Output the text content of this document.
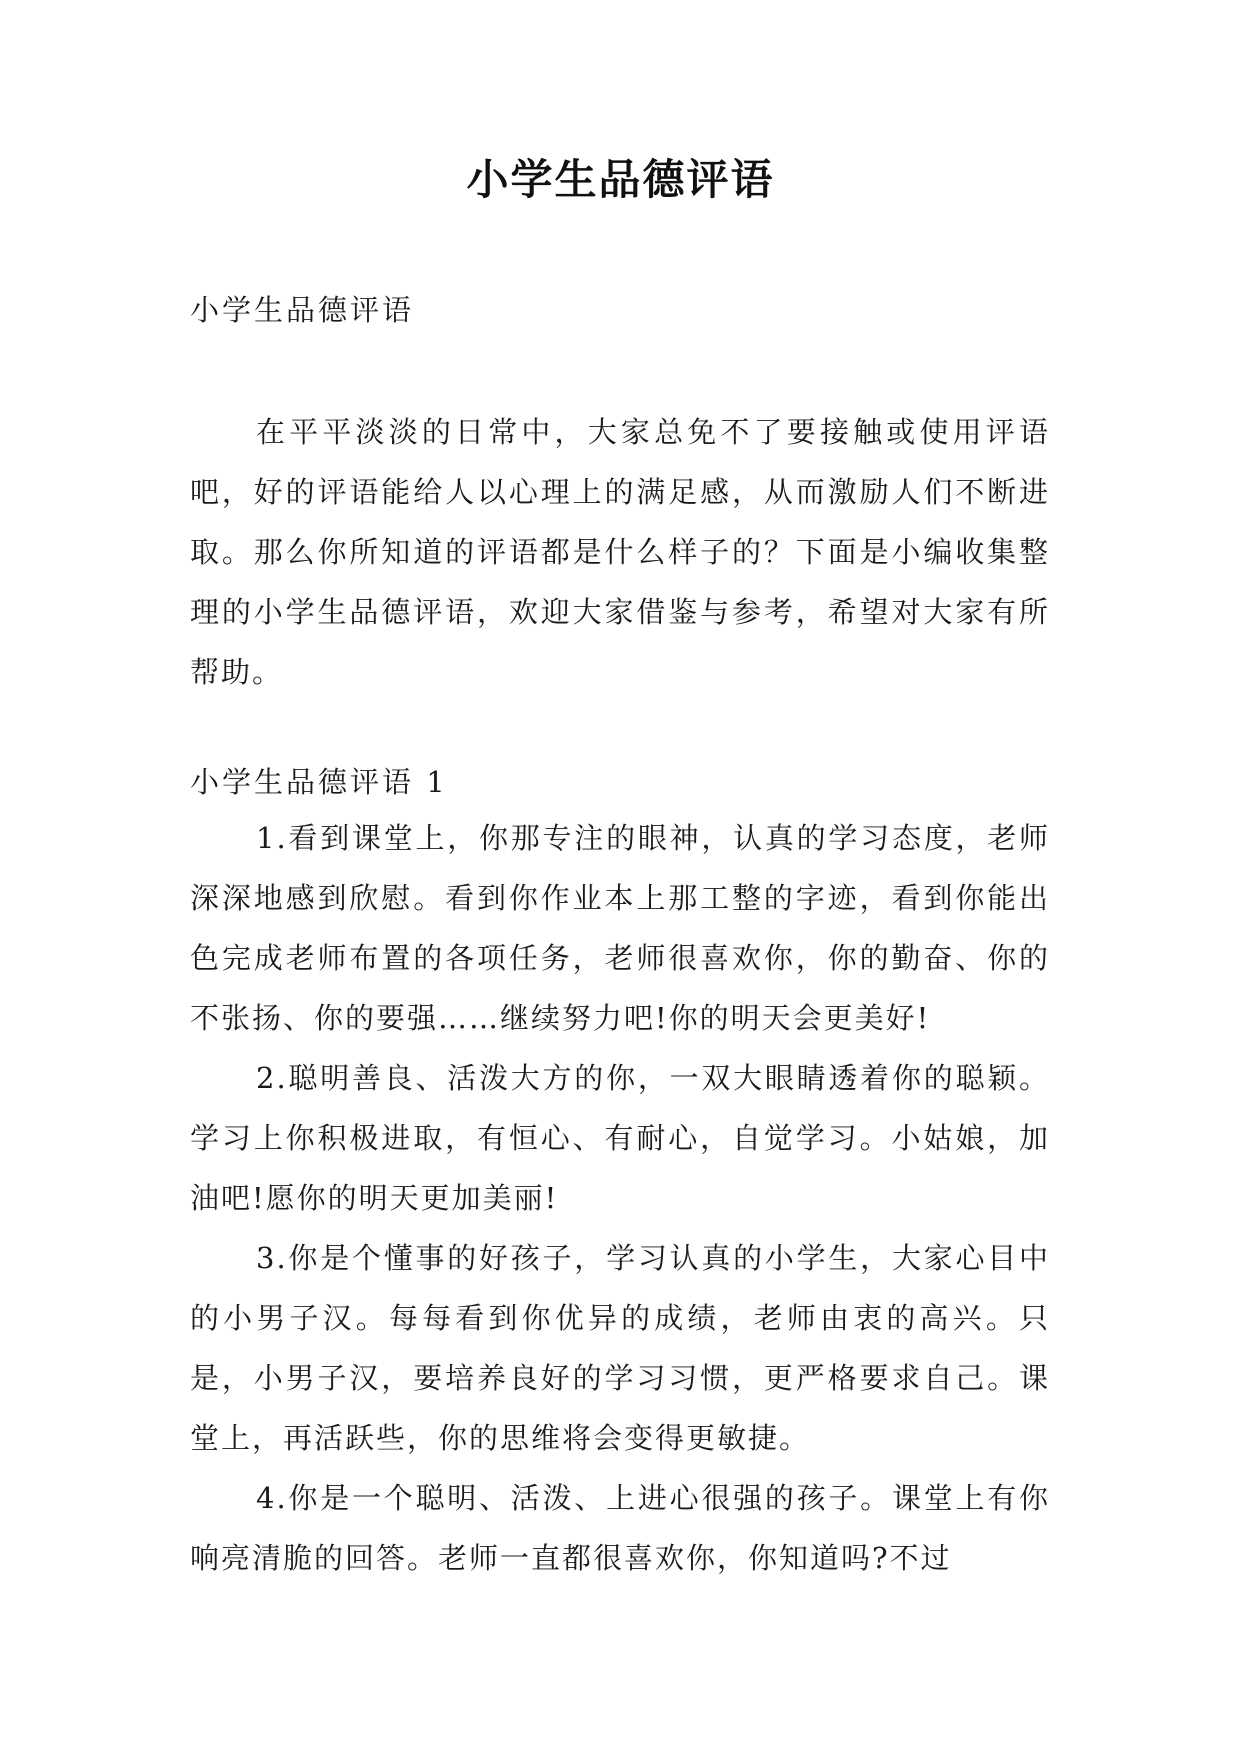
小学生品德评语

小学生品德评语

在平平淡淡的日常中，大家总免不了要接触或使用评语吧，好的评语能给人以心理上的满足感，从而激励人们不断进取。那么你所知道的评语都是什么样子的？下面是小编收集整理的小学生品德评语，欢迎大家借鉴与参考，希望对大家有所帮助。

小学生品德评语 1

1.看到课堂上，你那专注的眼神，认真的学习态度，老师深深地感到欣慰。看到你作业本上那工整的字迹，看到你能出色完成老师布置的各项任务，老师很喜欢你，你的勤奋、你的不张扬、你的要强……继续努力吧!你的明天会更美好!

2.聪明善良、活泼大方的你，一双大眼睛透着你的聪颖。学习上你积极进取，有恒心、有耐心，自觉学习。小姑娘，加油吧!愿你的明天更加美丽!

3.你是个懂事的好孩子，学习认真的小学生，大家心目中的小男子汉。每每看到你优异的成绩，老师由衷的高兴。只是，小男子汉，要培养良好的学习习惯，更严格要求自己。课堂上，再活跃些，你的思维将会变得更敏捷。

4.你是一个聪明、活泼、上进心很强的孩子。课堂上有你响亮清脆的回答。老师一直都很喜欢你，你知道吗?不过
